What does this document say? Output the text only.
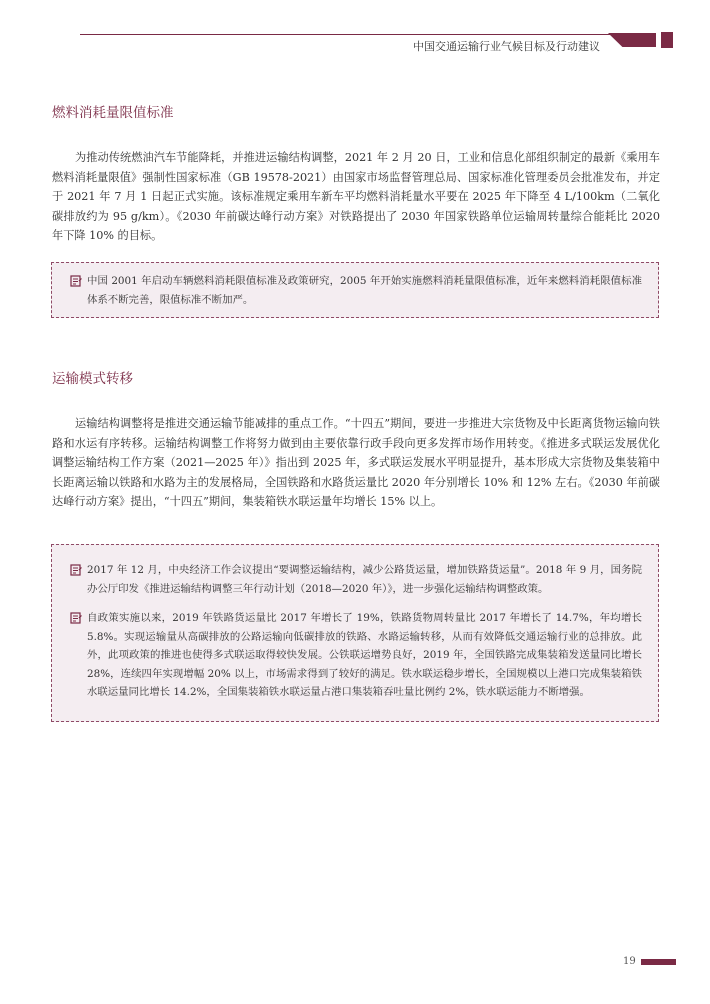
中国交通运输行业气候目标及行动建议
燃料消耗量限值标准

为推动传统燃油汽车节能降耗，并推进运输结构调整，2021 年 2 月 20 日，工业和信息化部组织制定的最新《乘用车燃料消耗量限值》强制性国家标准（GB 19578-2021）由国家市场监督管理总局、国家标准化管理委员会批准发布，并定于 2021 年 7 月 1 日起正式实施。该标准规定乘用车新车平均燃料消耗量水平要在 2025 年下降至 4 L/100km（二氧化碳排放约为 95 g/km）。《2030 年前碳达峰行动方案》对铁路提出了 2030 年国家铁路单位运输周转量综合能耗比 2020 年下降 10% 的目标。

中国 2001 年启动车辆燃料消耗限值标准及政策研究，2005 年开始实施燃料消耗量限值标准，近年来燃料消耗限值标准体系不断完善，限值标准不断加严。
运输模式转移

运输结构调整将是推进交通运输节能减排的重点工作。“十四五”期间，要进一步推进大宗货物及中长距离货物运输向铁路和水运有序转移。运输结构调整工作将努力做到由主要依靠行政手段向更多发挥市场作用转变。《推进多式联运发展优化调整运输结构工作方案（2021—2025 年）》指出到 2025 年，多式联运发展水平明显提升，基本形成大宗货物及集装箱中长距离运输以铁路和水路为主的发展格局，全国铁路和水路货运量比 2020 年分别增长 10% 和 12% 左右。《2030 年前碳达峰行动方案》提出，“十四五”期间，集装箱铁水联运量年均增长 15% 以上。

2017 年 12 月，中央经济工作会议提出“要调整运输结构，减少公路货运量，增加铁路货运量”。2018 年 9 月，国务院办公厅印发《推进运输结构调整三年行动计划（2018—2020 年）》，进一步强化运输结构调整政策。
自政策实施以来，2019 年铁路货运量比 2017 年增长了 19%，铁路货物周转量比 2017 年增长了 14.7%，年均增长 5.8%。实现运输量从高碳排放的公路运输向低碳排放的铁路、水路运输转移，从而有效降低交通运输行业的总排放。此外，此项政策的推进也使得多式联运取得较快发展。公铁联运增势良好，2019 年，全国铁路完成集装箱发送量同比增长 28%，连续四年实现增幅 20% 以上，市场需求得到了较好的满足。铁水联运稳步增长，全国规模以上港口完成集装箱铁水联运量同比增长 14.2%，全国集装箱铁水联运量占港口集装箱吞吐量比例约 2%，铁水联运能力不断增强。
19
